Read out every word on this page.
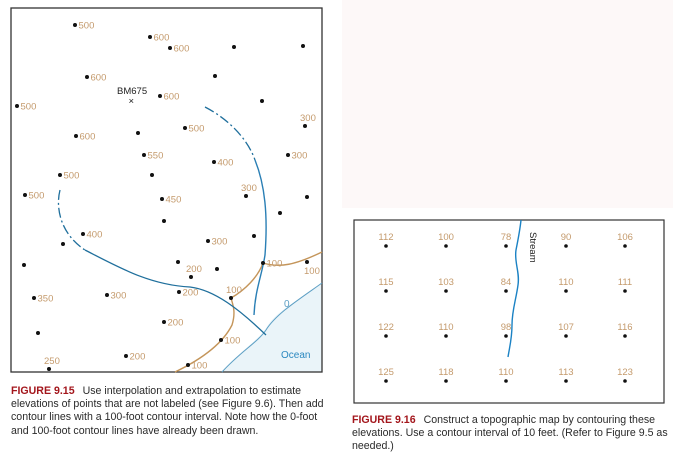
500
600
600
600
500
600
300
600
500
550
400
300
500
500	450
300
400
300
200	100
100
200
350	300	100
200
100
200
250	100
BM675
×
0
Ocean
Stream
112	100	78	90	106
115	103	84	110	111
122	110	98	107	116
125	118	110	113	123
FIGURE 9.15 Use interpolation and extrapolation to estimate elevations of points that are not labeled (see Figure 9.6). Then add contour lines with a 100-foot contour interval. Note how the 0-foot and 100-foot contour lines have already been drawn.
FIGURE 9.16 Construct a topographic map by contouring these elevations. Use a contour interval of 10 feet. (Refer to Figure 9.5 as needed.)
